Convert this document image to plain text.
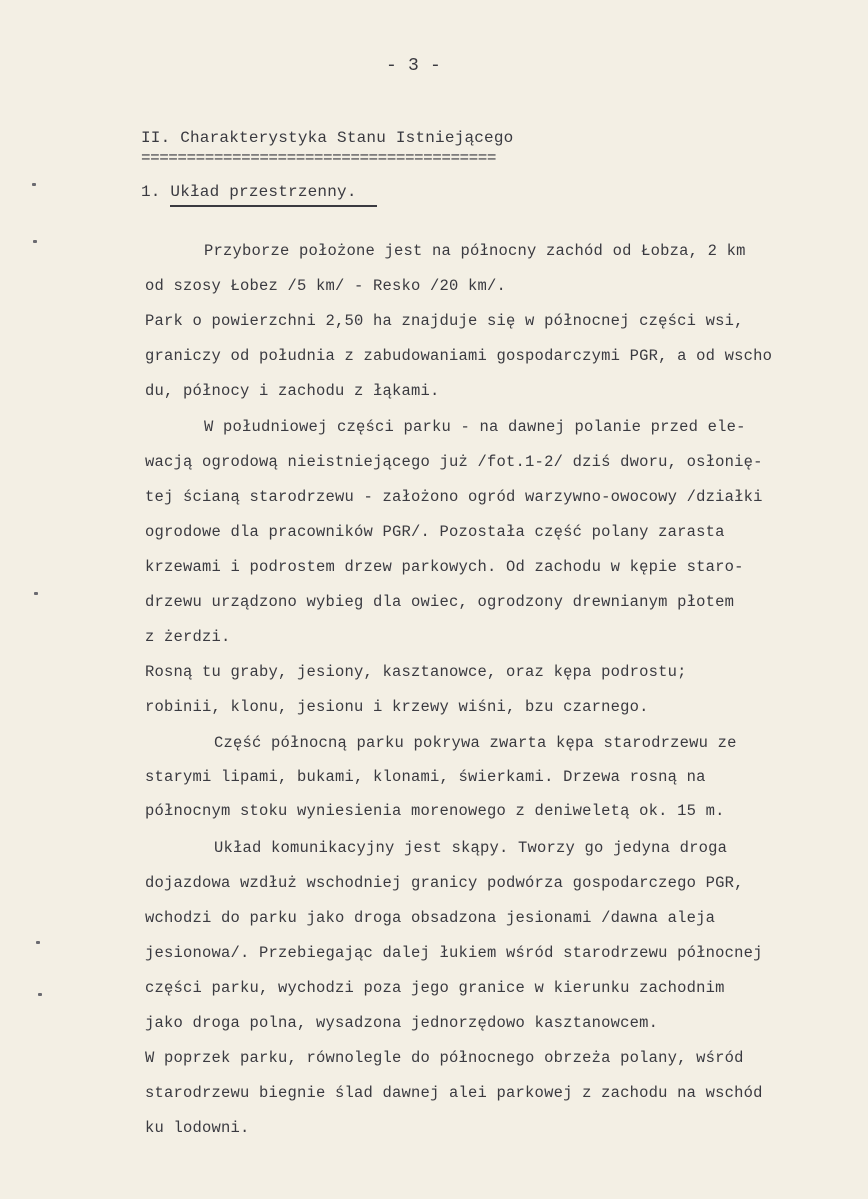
- 3 -
II. Charakterystyka Stanu Istniejącego
=======================================
1. Układ przestrzenny.
Przyborze położone jest na północny zachód od Łobza, 2 km
od szosy Łobez /5 km/ - Resko /20 km/.
Park o powierzchni 2,50 ha znajduje się w północnej części wsi,
graniczy od południa z zabudowaniami gospodarczymi PGR, a od wscho
du, północy i zachodu z łąkami.
W południowej części parku - na dawnej polanie przed ele-
wacją ogrodową nieistniejącego już /fot.1-2/ dziś dworu, osłonię-
tej ścianą starodrzewu - założono ogród warzywno-owocowy /działki
ogrodowe dla pracowników PGR/. Pozostała część polany zarasta
krzewami i podrostem drzew parkowych. Od zachodu w kępie staro-
drzewu urządzono wybieg dla owiec, ogrodzony drewnianym płotem
z żerdzi.
Rosną tu graby, jesiony, kasztanowce, oraz kępa podrostu;
robinii, klonu, jesionu i krzewy wiśni, bzu czarnego.
Część północną parku pokrywa zwarta kępa starodrzewu ze
starymi lipami, bukami, klonami, świerkami. Drzewa rosną na
północnym stoku wyniesienia morenowego z deniweletą ok. 15 m.
Układ komunikacyjny jest skąpy. Tworzy go jedyna droga
dojazdowa wzdłuż wschodniej granicy podwórza gospodarczego PGR,
wchodzi do parku jako droga obsadzona jesionami /dawna aleja
jesionowa/. Przebiegając dalej łukiem wśród starodrzewu północnej
części parku, wychodzi poza jego granice w kierunku zachodnim
jako droga polna, wysadzona jednorzędowo kasztanowcem.
W poprzek parku, równolegle do północnego obrzeża polany, wśród
starodrzewu biegnie ślad dawnej alei parkowej z zachodu na wschód
ku lodowni.
